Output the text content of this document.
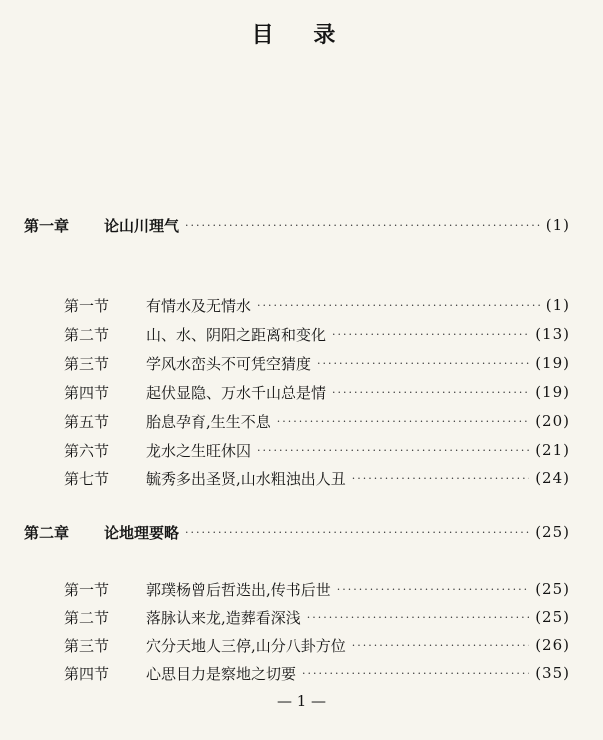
目 录
第一章	论山川理气 ·····	(1)
第一节	有情水及无情水 ·····	(1)
第二节	山、水、阴阳之距离和变化 ·····	(13)
第三节	学风水峦头不可凭空猜度 ·····	(19)
第四节	起伏显隐、万水千山总是情 ·····	(19)
第五节	胎息孕育,生生不息 ·····	(20)
第六节	龙水之生旺休囚 ·····	(21)
第七节	毓秀多出圣贤,山水粗浊出人丑 ·····	(24)
第二章	论地理要略 ·····	(25)
第一节	郭璞杨曾后哲迭出,传书后世 ·····	(25)
第二节	落脉认来龙,造葬看深浅 ·····	(25)
第三节	穴分天地人三停,山分八卦方位 ·····	(26)
第四节	心思目力是察地之切要 ·····	(35)
— 1 —
